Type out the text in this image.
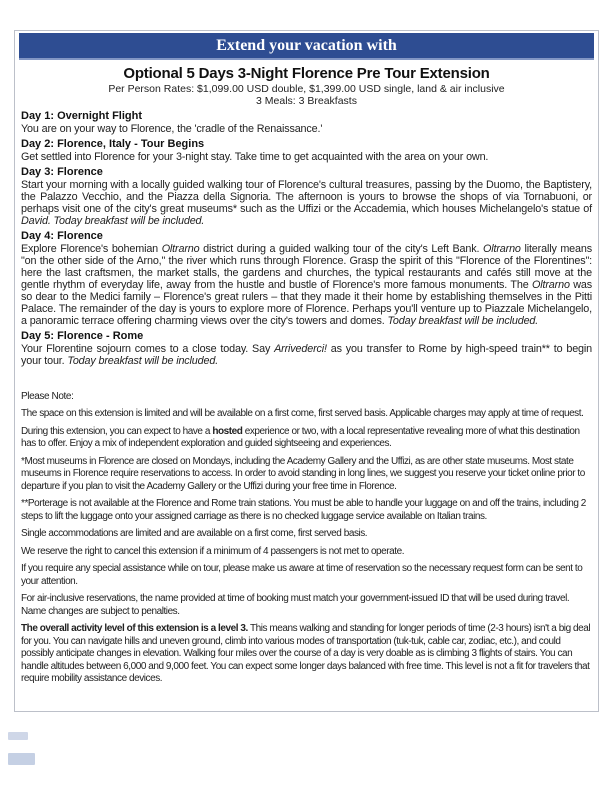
Extend your vacation with
Optional 5 Days 3-Night Florence Pre Tour Extension
Per Person Rates: $1,099.00 USD double, $1,399.00 USD single, land & air inclusive
3 Meals: 3 Breakfasts
Day 1: Overnight Flight
You are on your way to Florence, the 'cradle of the Renaissance.'
Day 2: Florence, Italy - Tour Begins
Get settled into Florence for your 3-night stay. Take time to get acquainted with the area on your own.
Day 3: Florence
Start your morning with a locally guided walking tour of Florence's cultural treasures, passing by the Duomo, the Baptistery, the Palazzo Vecchio, and the Piazza della Signoria. The afternoon is yours to browse the shops of via Tornabuoni, or perhaps visit one of the city's great museums* such as the Uffizi or the Accademia, which houses Michelangelo's statue of David. Today breakfast will be included.
Day 4: Florence
Explore Florence's bohemian Oltrarno district during a guided walking tour of the city's Left Bank. Oltrarno literally means "on the other side of the Arno," the river which runs through Florence. Grasp the spirit of this "Florence of the Florentines": here the last craftsmen, the market stalls, the gardens and churches, the typical restaurants and cafés still move at the gentle rhythm of everyday life, away from the hustle and bustle of Florence's more famous monuments. The Oltrarno was so dear to the Medici family – Florence's great rulers – that they made it their home by establishing themselves in the Pitti Palace. The remainder of the day is yours to explore more of Florence. Perhaps you'll venture up to Piazzale Michelangelo, a panoramic terrace offering charming views over the city's towers and domes. Today breakfast will be included.
Day 5: Florence - Rome
Your Florentine sojourn comes to a close today. Say Arrivederci! as you transfer to Rome by high-speed train** to begin your tour. Today breakfast will be included.
Please Note:
The space on this extension is limited and will be available on a first come, first served basis. Applicable charges may apply at time of request.
During this extension, you can expect to have a hosted experience or two, with a local representative revealing more of what this destination has to offer. Enjoy a mix of independent exploration and guided sightseeing and experiences.
*Most museums in Florence are closed on Mondays, including the Academy Gallery and the Uffizi, as are other state museums. Most state museums in Florence require reservations to access. In order to avoid standing in long lines, we suggest you reserve your ticket online prior to departure if you plan to visit the Academy Gallery or the Uffizi during your free time in Florence.
**Porterage is not available at the Florence and Rome train stations. You must be able to handle your luggage on and off the trains, including 2 steps to lift the luggage onto your assigned carriage as there is no checked luggage service available on Italian trains.
Single accommodations are limited and are available on a first come, first served basis.
We reserve the right to cancel this extension if a minimum of 4 passengers is not met to operate.
If you require any special assistance while on tour, please make us aware at time of reservation so the necessary request form can be sent to your attention.
For air-inclusive reservations, the name provided at time of booking must match your government-issued ID that will be used during travel. Name changes are subject to penalties.
The overall activity level of this extension is a level 3. This means walking and standing for longer periods of time (2-3 hours) isn't a big deal for you. You can navigate hills and uneven ground, climb into various modes of transportation (tuk-tuk, cable car, zodiac, etc.), and could possibly anticipate changes in elevation. Walking four miles over the course of a day is very doable as is climbing 3 flights of stairs. You can handle altitudes between 6,000 and 9,000 feet. You can expect some longer days balanced with free time. This level is not a fit for travelers that require mobility assistance devices.
